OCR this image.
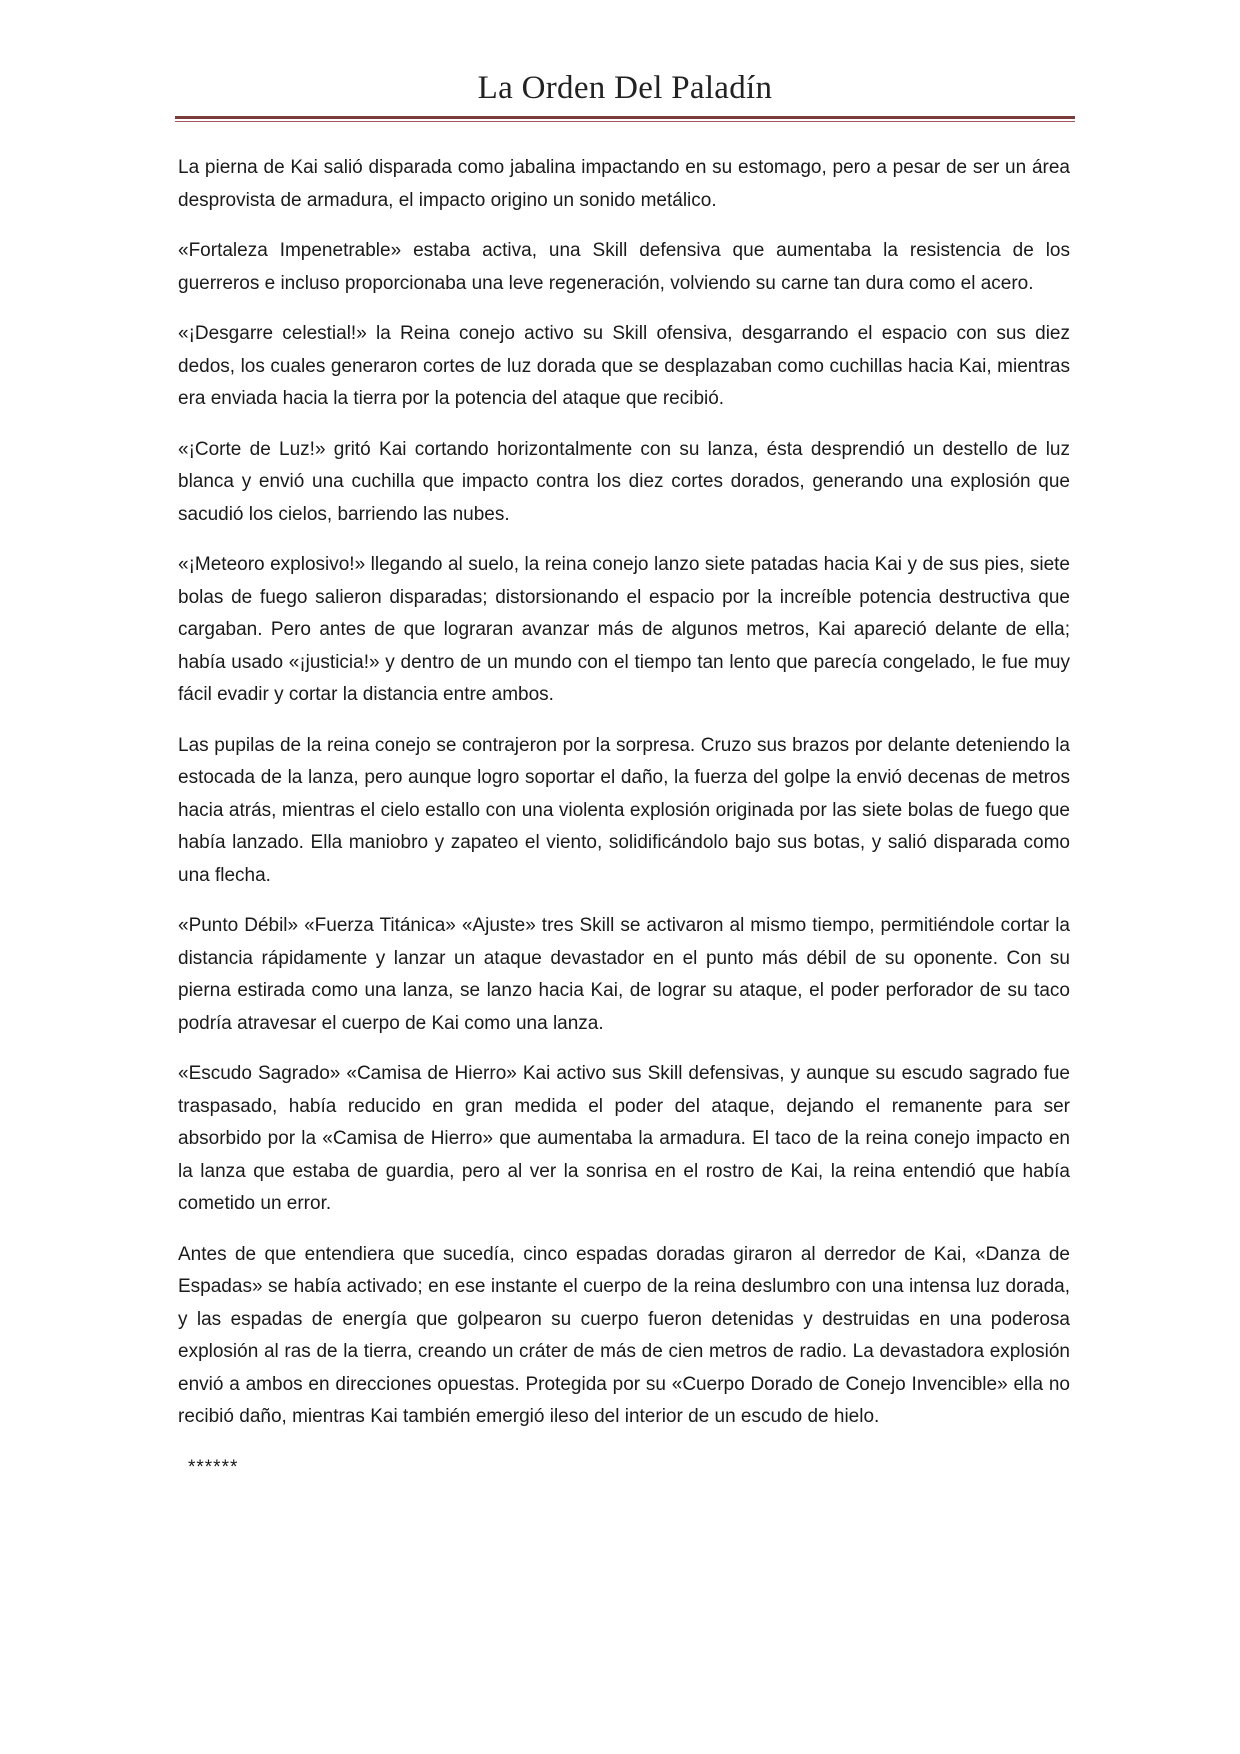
La Orden Del Paladín

La pierna de Kai salió disparada como jabalina impactando en su estomago, pero a pesar de ser un área desprovista de armadura, el impacto origino un sonido metálico.

«Fortaleza Impenetrable» estaba activa, una Skill defensiva que aumentaba la resistencia de los guerreros e incluso proporcionaba una leve regeneración, volviendo su carne tan dura como el acero.

«¡Desgarre celestial!» la Reina conejo activo su Skill ofensiva, desgarrando el espacio con sus diez dedos, los cuales generaron cortes de luz dorada que se desplazaban como cuchillas hacia Kai, mientras era enviada hacia la tierra por la potencia del ataque que recibió.

«¡Corte de Luz!» gritó Kai cortando horizontalmente con su lanza, ésta desprendió un destello de luz blanca y envió una cuchilla que impacto contra los diez cortes dorados, generando una explosión que sacudió los cielos, barriendo las nubes.

«¡Meteoro explosivo!» llegando al suelo, la reina conejo lanzo siete patadas hacia Kai y de sus pies, siete bolas de fuego salieron disparadas; distorsionando el espacio por la increíble potencia destructiva que cargaban. Pero antes de que lograran avanzar más de algunos metros, Kai apareció delante de ella; había usado «¡justicia!» y dentro de un mundo con el tiempo tan lento que parecía congelado, le fue muy fácil evadir y cortar la distancia entre ambos.

Las pupilas de la reina conejo se contrajeron por la sorpresa. Cruzo sus brazos por delante deteniendo la estocada de la lanza, pero aunque logro soportar el daño, la fuerza del golpe la envió decenas de metros hacia atrás, mientras el cielo estallo con una violenta explosión originada por las siete bolas de fuego que había lanzado. Ella maniobro y zapateo el viento, solidificándolo bajo sus botas, y salió disparada como una flecha.

«Punto Débil» «Fuerza Titánica» «Ajuste» tres Skill se activaron al mismo tiempo, permitiéndole cortar la distancia rápidamente y lanzar un ataque devastador en el punto más débil de su oponente. Con su pierna estirada como una lanza, se lanzo hacia Kai, de lograr su ataque, el poder perforador de su taco podría atravesar el cuerpo de Kai como una lanza.

«Escudo Sagrado» «Camisa de Hierro» Kai activo sus Skill defensivas, y aunque su escudo sagrado fue traspasado, había reducido en gran medida el poder del ataque, dejando el remanente para ser absorbido por la «Camisa de Hierro» que aumentaba la armadura. El taco de la reina conejo impacto en la lanza que estaba de guardia, pero al ver la sonrisa en el rostro de Kai, la reina entendió que había cometido un error.

Antes de que entendiera que sucedía, cinco espadas doradas giraron al derredor de Kai, «Danza de Espadas» se había activado; en ese instante el cuerpo de la reina deslumbro con una intensa luz dorada, y las espadas de energía que golpearon su cuerpo fueron detenidas y destruidas en una poderosa explosión al ras de la tierra, creando un cráter de más de cien metros de radio. La devastadora explosión envió a ambos en direcciones opuestas. Protegida por su «Cuerpo Dorado de Conejo Invencible» ella no recibió daño, mientras Kai también emergió ileso del interior de un escudo de hielo.

******
